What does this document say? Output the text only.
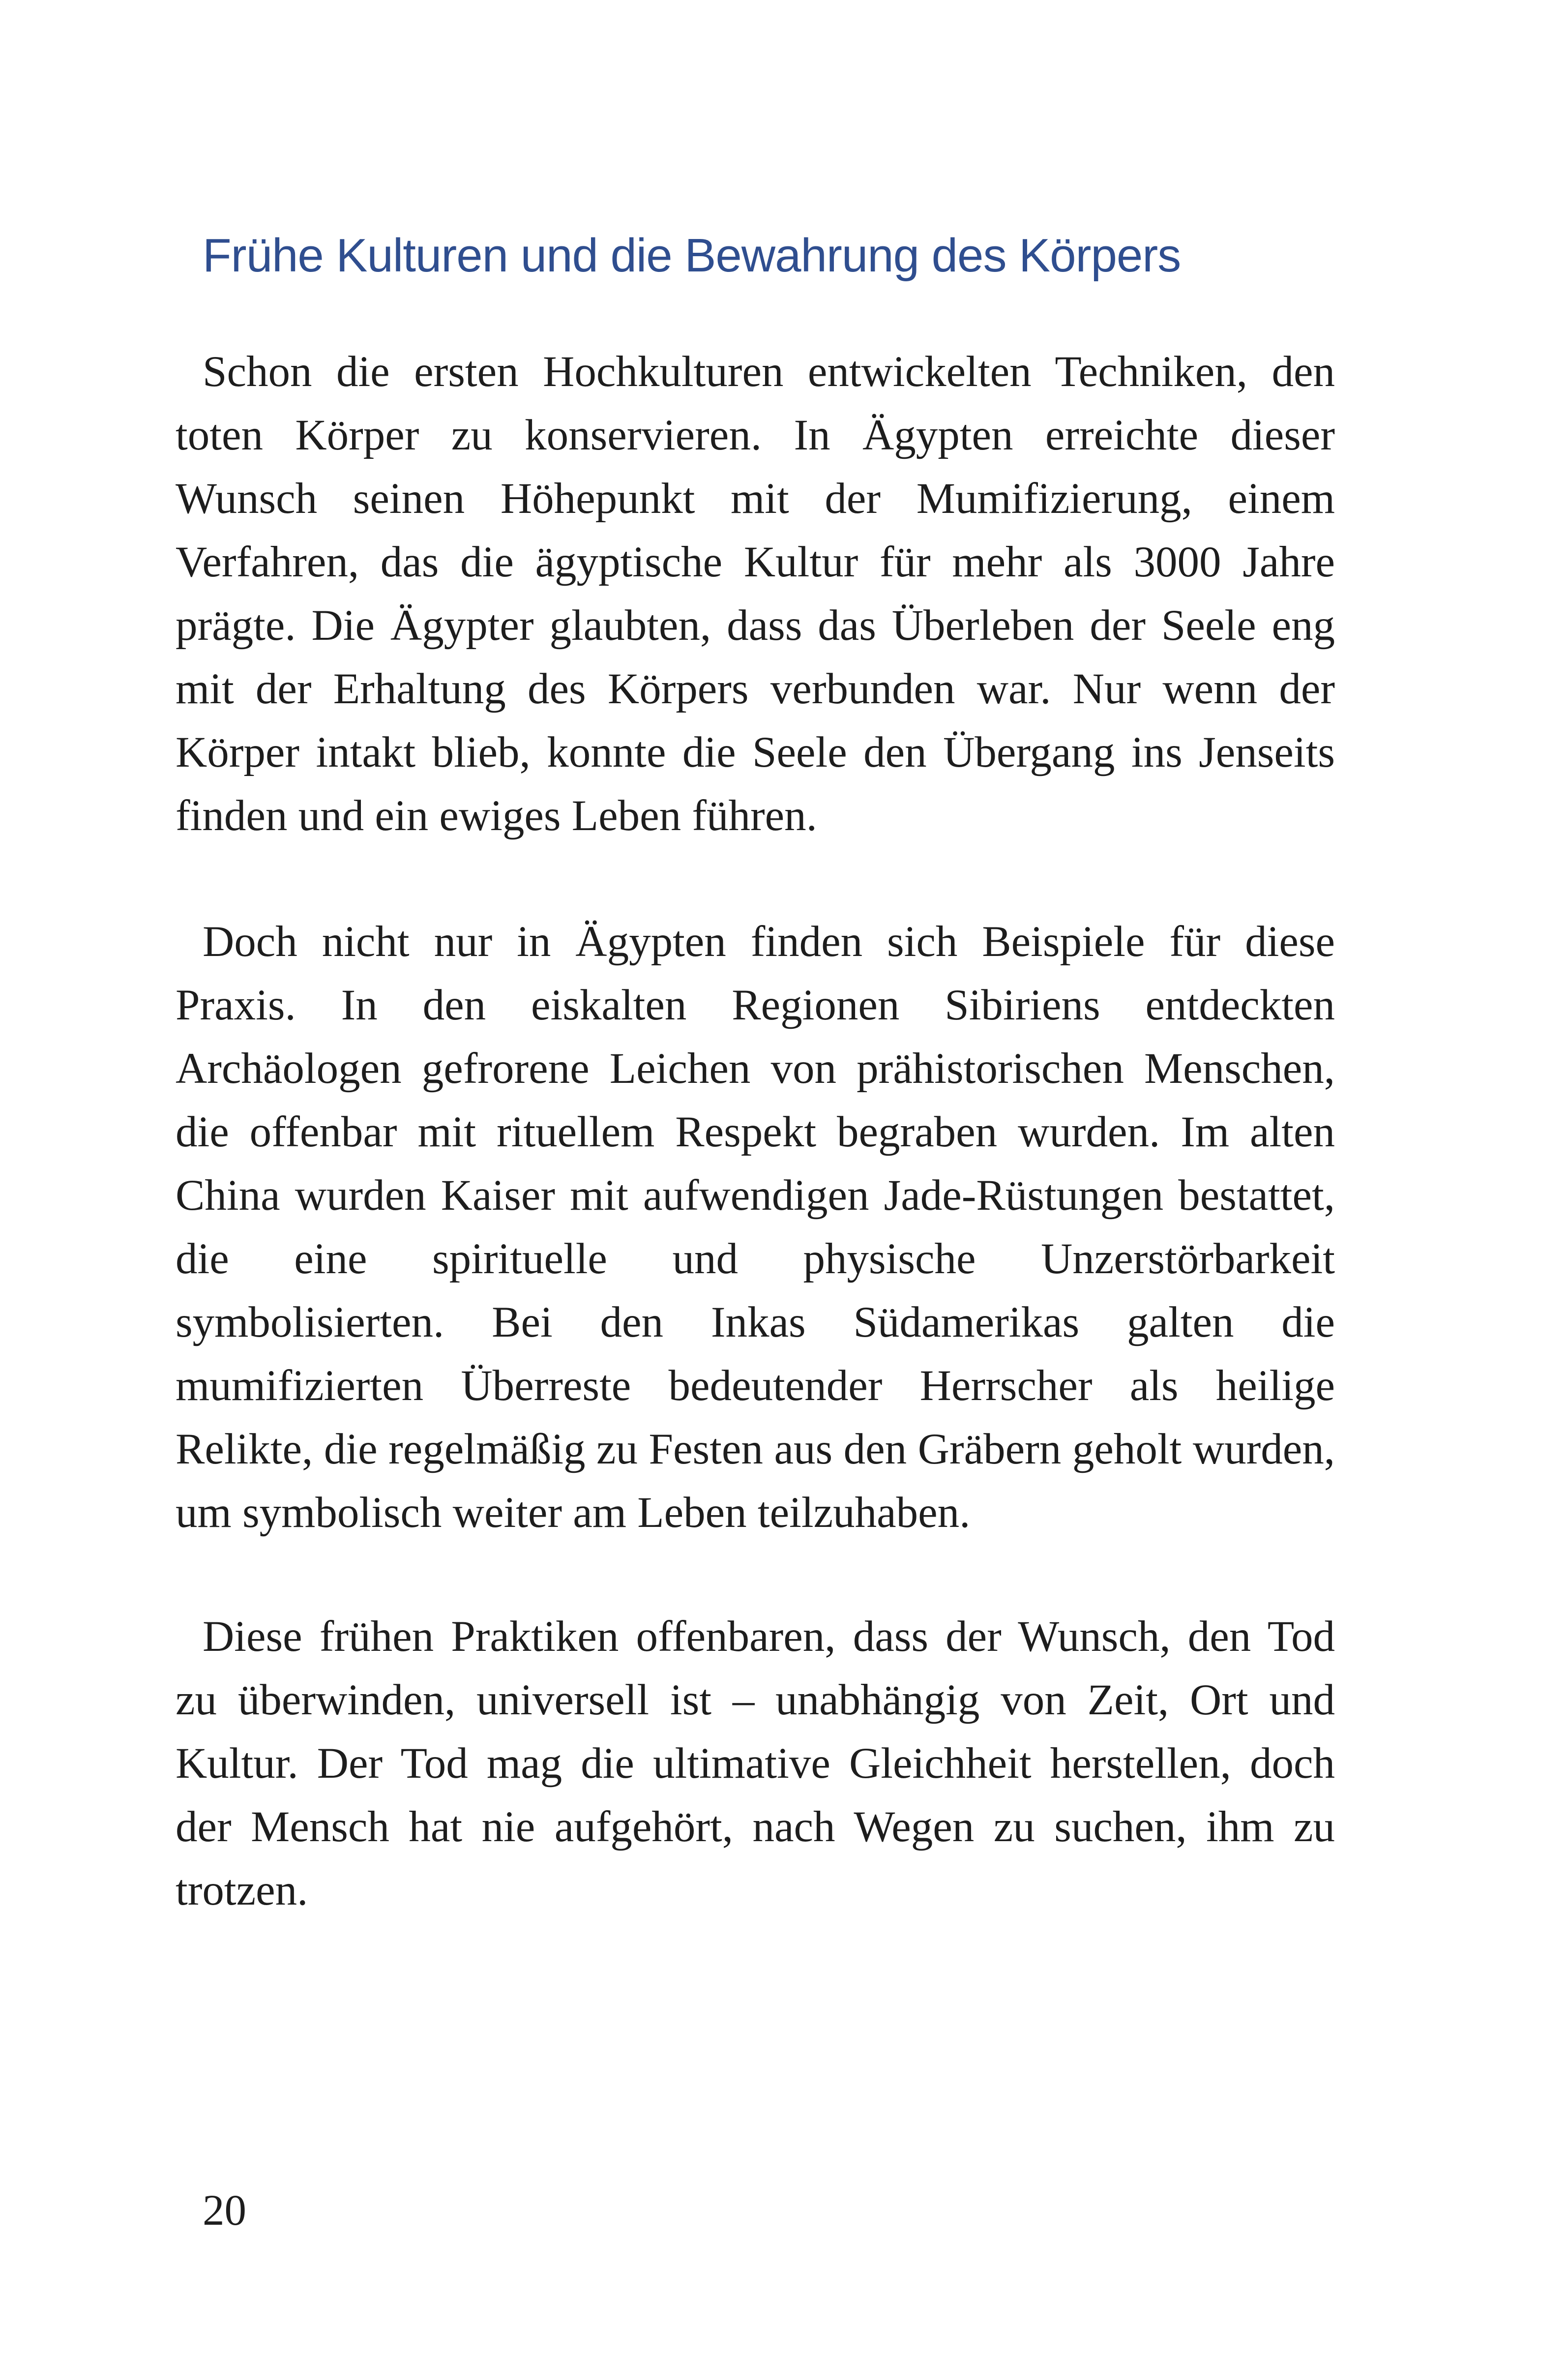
Frühe Kulturen und die Bewahrung des Körpers

Schon die ersten Hochkulturen entwickelten Techniken, den toten Körper zu konservieren. In Ägypten erreichte dieser Wunsch seinen Höhepunkt mit der Mumifizierung, einem Verfahren, das die ägyptische Kultur für mehr als 3000 Jahre prägte. Die Ägypter glaubten, dass das Überleben der Seele eng mit der Erhaltung des Körpers verbunden war. Nur wenn der Körper intakt blieb, konnte die Seele den Übergang ins Jenseits finden und ein ewiges Leben führen.

Doch nicht nur in Ägypten finden sich Beispiele für diese Praxis. In den eiskalten Regionen Sibiriens entdeckten Archäologen gefrorene Leichen von prähistorischen Menschen, die offenbar mit rituellem Respekt begraben wurden. Im alten China wurden Kaiser mit aufwendigen Jade-Rüstungen bestattet, die eine spirituelle und physische Unzerstörbarkeit symbolisierten. Bei den Inkas Südamerikas galten die mumifizierten Überreste bedeutender Herrscher als heilige Relikte, die regelmäßig zu Festen aus den Gräbern geholt wurden, um symbolisch weiter am Leben teilzuhaben.

Diese frühen Praktiken offenbaren, dass der Wunsch, den Tod zu überwinden, universell ist – unabhängig von Zeit, Ort und Kultur. Der Tod mag die ultimative Gleichheit herstellen, doch der Mensch hat nie aufgehört, nach Wegen zu suchen, ihm zu trotzen.

20
